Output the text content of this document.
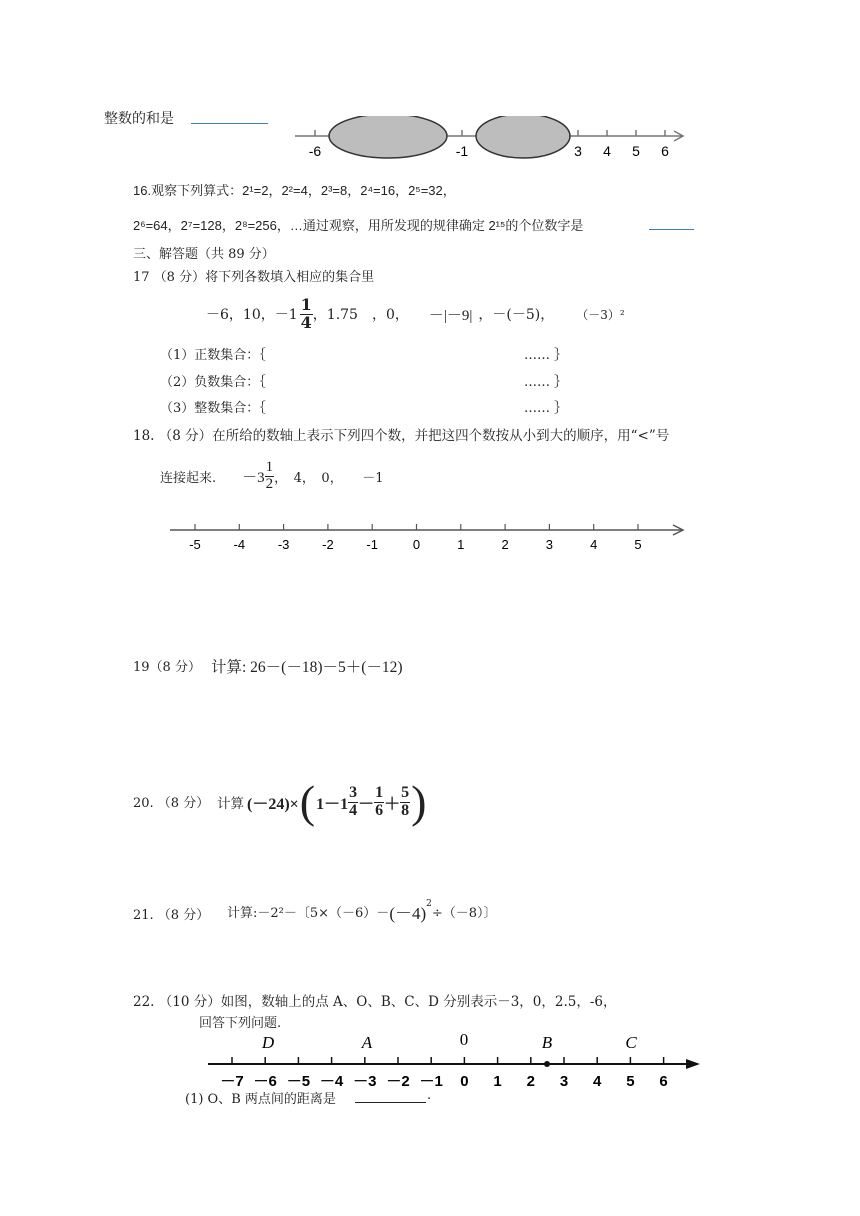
整数的和是
-6	-1	3 4 5 6
16.观察下列算式：2¹=2，2²=4，2³=8，2⁴=16，2⁵=32，
2⁶=64，2⁷=128，2⁸=256，…通过观察，用所发现的规律确定 2¹⁵的个位数字是
三、解答题（共 89 分）
17 （8 分）将下列各数填入相应的集合里
－6，10，$-1 \frac{1}{4}$ ，1.75　，0， －|－9| ，－(－5)， （－3）²
（1）正数集合：｛	…… ｝
（2）负数集合：｛	…… ｝
（3）整数集合：｛	…… ｝
18. （8 分）在所给的数轴上表示下列四个数，并把这四个数按从小到大的顺序，用“<”号
连接起来. $-3 \frac{1}{2}$ ，　4，　0，　　－1
-5	-4	-3	-2	-1	0	1	2	3	4	5
19（8 分） 计算: 26－(－18)－5＋(－12)
20. （8 分） 计算 (－24)× ( $1-1 \frac{3}{4} - \frac{1}{6} + \frac{5}{8}$ )
21. （8 分） 计算:－2²－〔$5\times(-6)- (-4)^2$
÷（－8）〕
22. （10 分）如图，数轴上的点 A、O、B、C、D 分别表示－3，0，2.5，-6，
回答下列问题.
D	A	0	B	C
－7 －6 －5 －4 －3 －2 －1 0 1 2 3 4 5 6
(1) O、B 两点间的距离是	.
